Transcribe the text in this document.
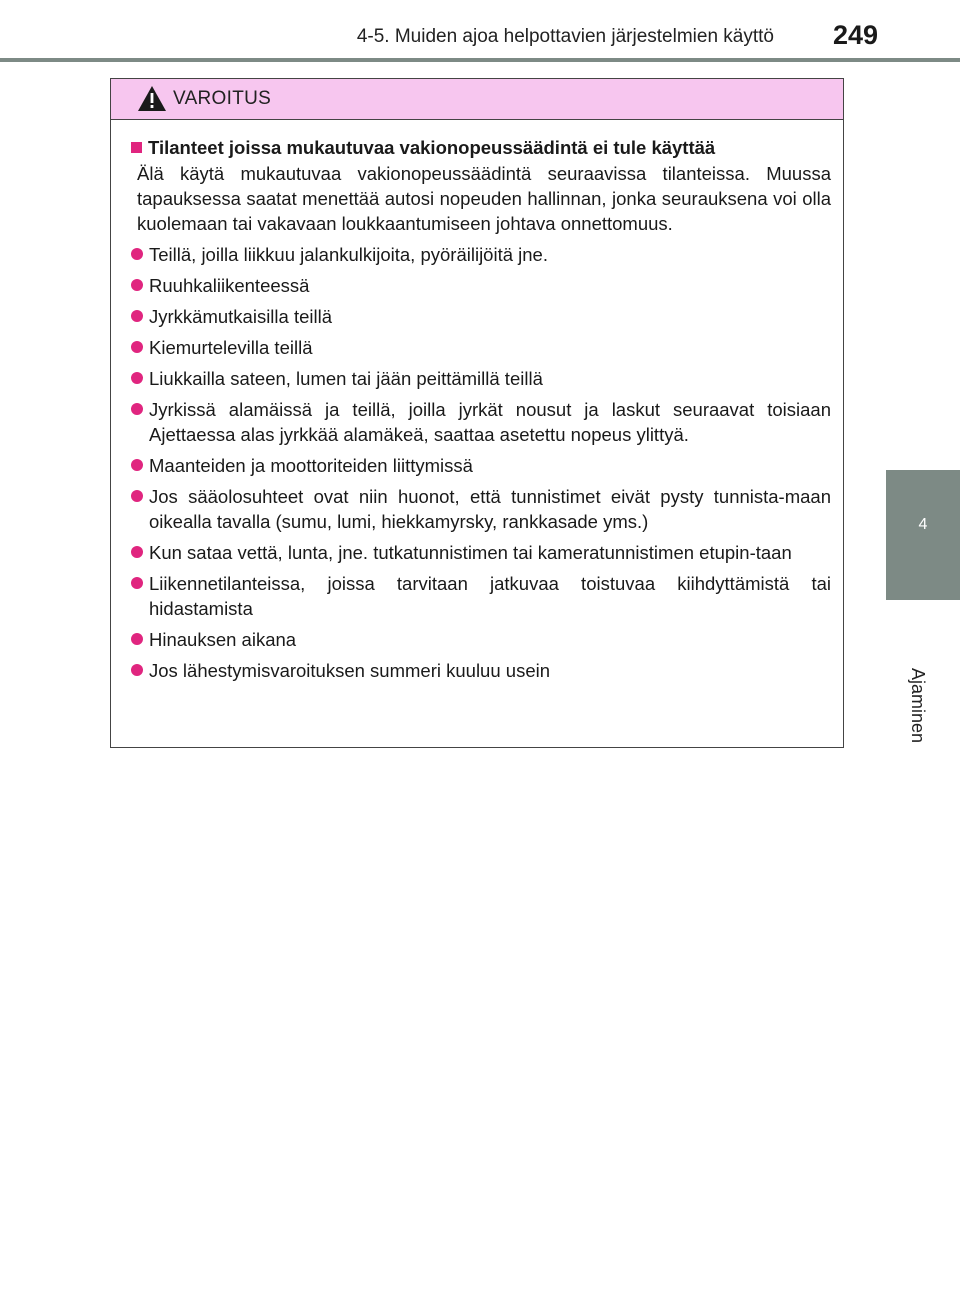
4-5. Muiden ajoa helpottavien järjestelmien käyttö 249
4
Ajaminen
VAROITUS
Tilanteet joissa mukautuvaa vakionopeussäädintä ei tule käyttää
Älä käytä mukautuvaa vakionopeussäädintä seuraavissa tilanteissa. Muussa tapauksessa saatat menettää autosi nopeuden hallinnan, jonka seurauksena voi olla kuolemaan tai vakavaan loukkaantumiseen johtava onnettomuus.
Teillä, joilla liikkuu jalankulkijoita, pyöräilijöitä jne.
Ruuhkaliikenteessä
Jyrkkämutkaisilla teillä
Kiemurtelevilla teillä
Liukkailla sateen, lumen tai jään peittämillä teillä
Jyrkissä alamäissä ja teillä, joilla jyrkät nousut ja laskut seuraavat toisiaan Ajettaessa alas jyrkkää alamäkeä, saattaa asetettu nopeus ylittyä.
Maanteiden ja moottoriteiden liittymissä
Jos sääolosuhteet ovat niin huonot, että tunnistimet eivät pysty tunnista-maan oikealla tavalla (sumu, lumi, hiekkamyrsky, rankkasade yms.)
Kun sataa vettä, lunta, jne. tutkatunnistimen tai kameratunnistimen etupin-taan
Liikennetilanteissa, joissa tarvitaan jatkuvaa toistuvaa kiihdyttämistä tai hidastamista
Hinauksen aikana
Jos lähestymisvaroituksen summeri kuuluu usein
